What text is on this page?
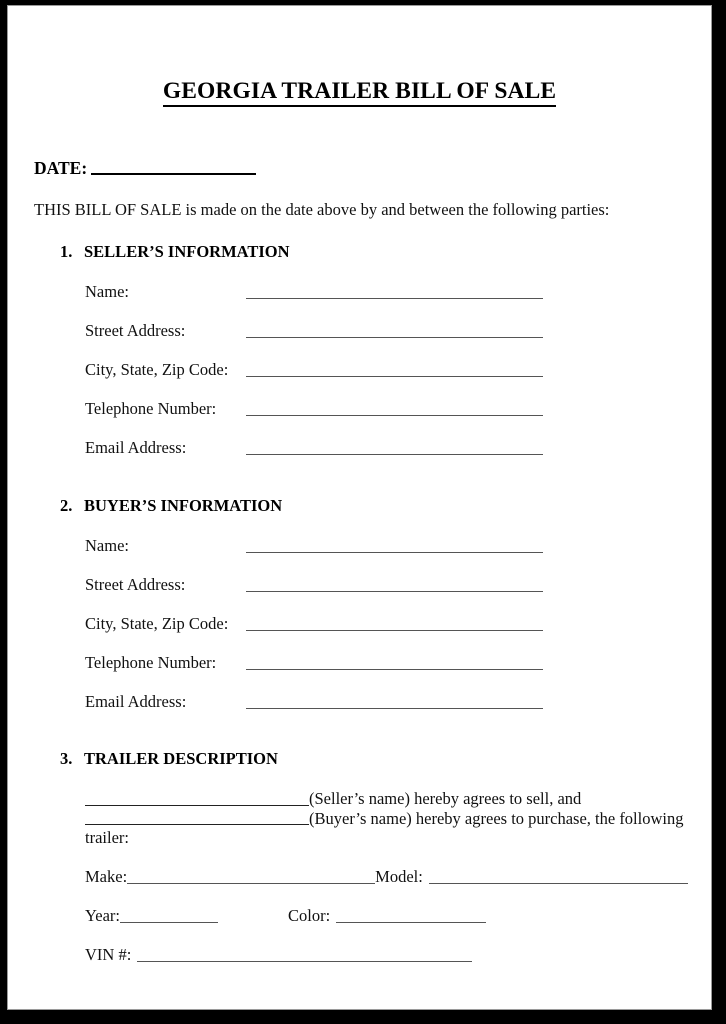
GEORGIA TRAILER BILL OF SALE
DATE:
THIS BILL OF SALE is made on the date above by and between the following parties:
1. SELLER’S INFORMATION
Name:
Street Address:
City, State, Zip Code:
Telephone Number:
Email Address:
2. BUYER’S INFORMATION
Name:
Street Address:
City, State, Zip Code:
Telephone Number:
Email Address:
3. TRAILER DESCRIPTION
(Seller’s name) hereby agrees to sell, and
(Buyer’s name) hereby agrees to purchase, the following
trailer:
Make:	Model:
Year:	Color:
VIN #:
